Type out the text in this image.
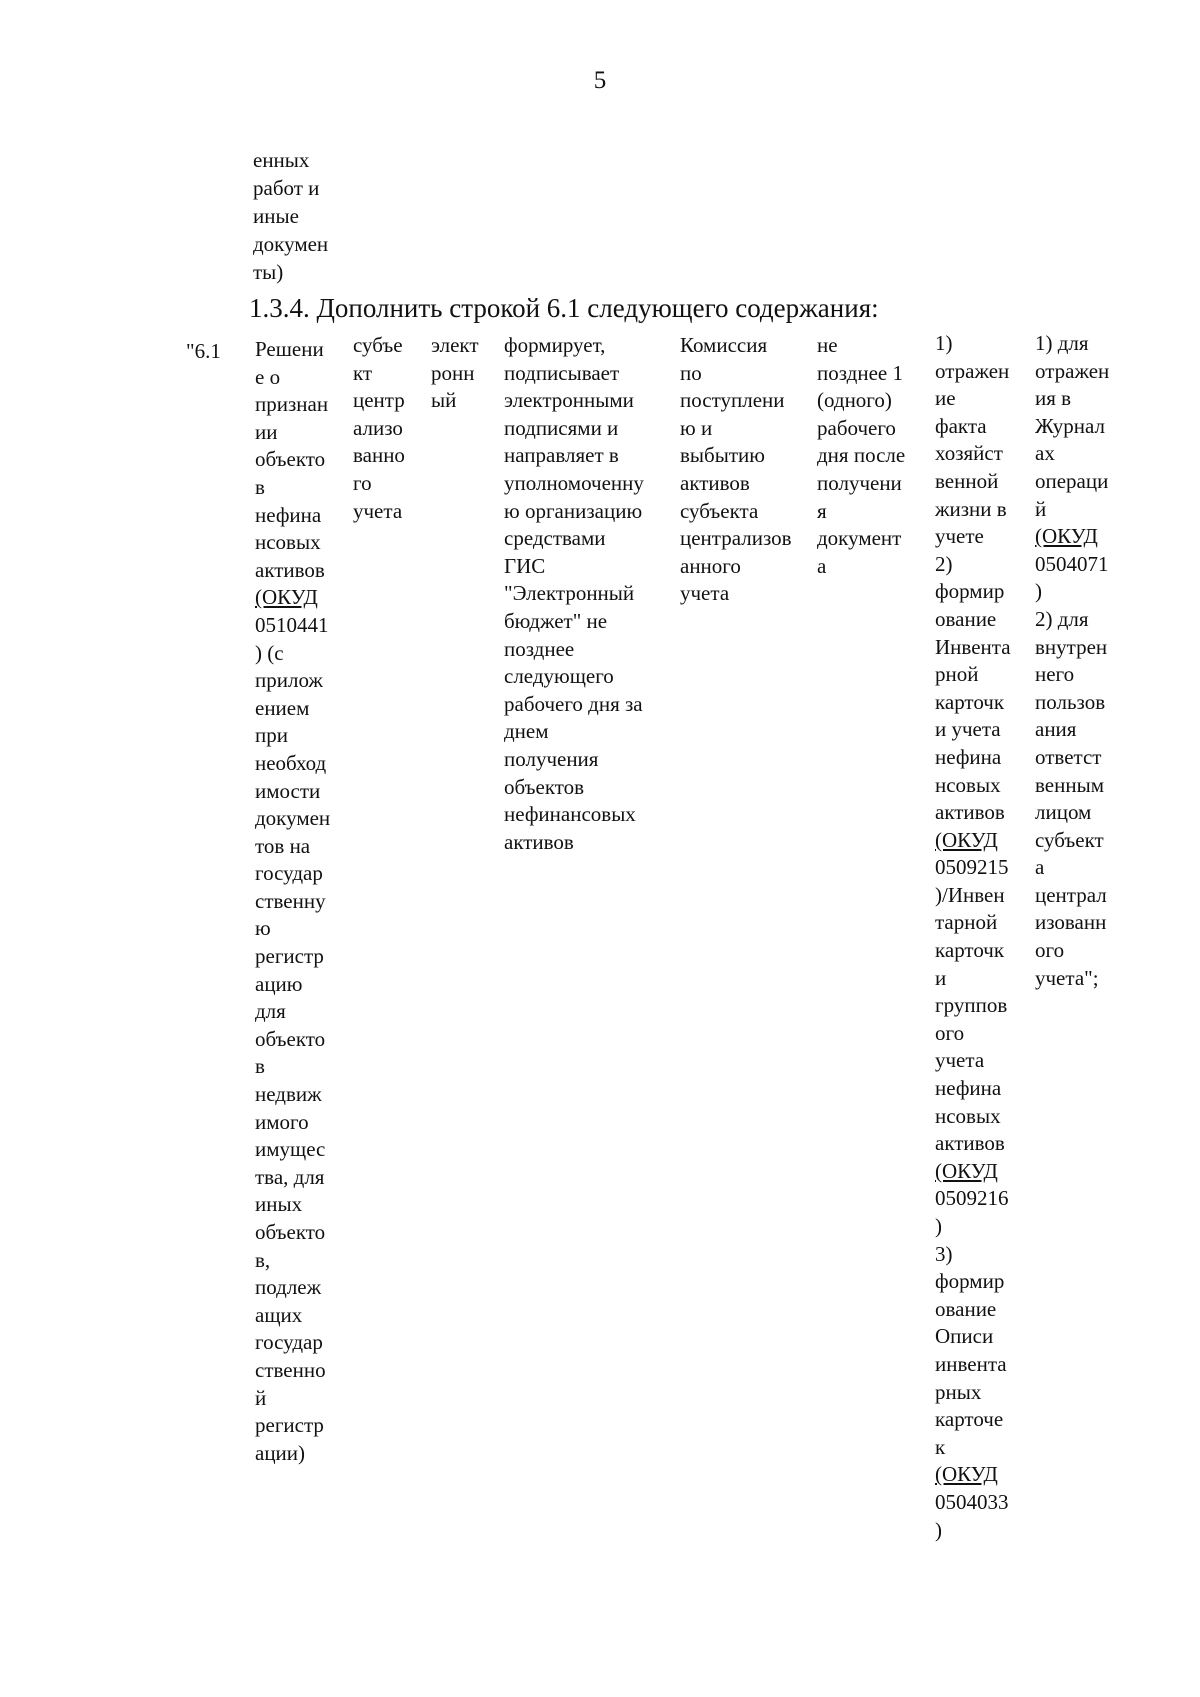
5
енных
работ и
иные
докумен
ты)
1.3.4. Дополнить строкой 6.1 следующего содержания:
"6.1 Решени
е о
признан
ии
объекто
в
нефина
нсовых
активов
(ОКУД
0510441
) (с
прилож
ением
при
необход
имости
докумен
тов на
государ
ственну
ю
регистр
ацию
для
объекто
в
недвиж
имого
имущес
тва, для
иных
объекто
в,
подлеж
ащих
государ
ственно
й
регистр
ации)
субъе
кт
центр
ализо
ванно
го
учета
элект
ронн
ый
формирует,
подписывает
электронными
подписями и
направляет в
уполномоченну
ю организацию
средствами
ГИС
"Электронный
бюджет" не
позднее
следующего
рабочего дня за
днем
получения
объектов
нефинансовых
активов
Комиссия
по
поступлени
ю и
выбытию
активов
субъекта
централизов
анного
учета
не
позднее 1
(одного)
рабочего
дня после
получени
я
документ
а
1)
отражен
ие
факта
хозяйст
венной
жизни в
учете
2)
формир
ование
Инвента
рной
карточк
и учета
нефина
нсовых
активов
(ОКУД
0509215
)/Инвен
тарной
карточк
и
группов
ого
учета
нефина
нсовых
активов
(ОКУД
0509216
)
3)
формир
ование
Описи
инвента
рных
карточе
к
(ОКУД
0504033
)
1) для
отражен
ия в
Журнал
ах
операци
й
(ОКУД
0504071
)
2) для
внутрен
него
пользов
ания
ответст
венным
лицом
субъект
а
централ
изованн
ого
учета";
